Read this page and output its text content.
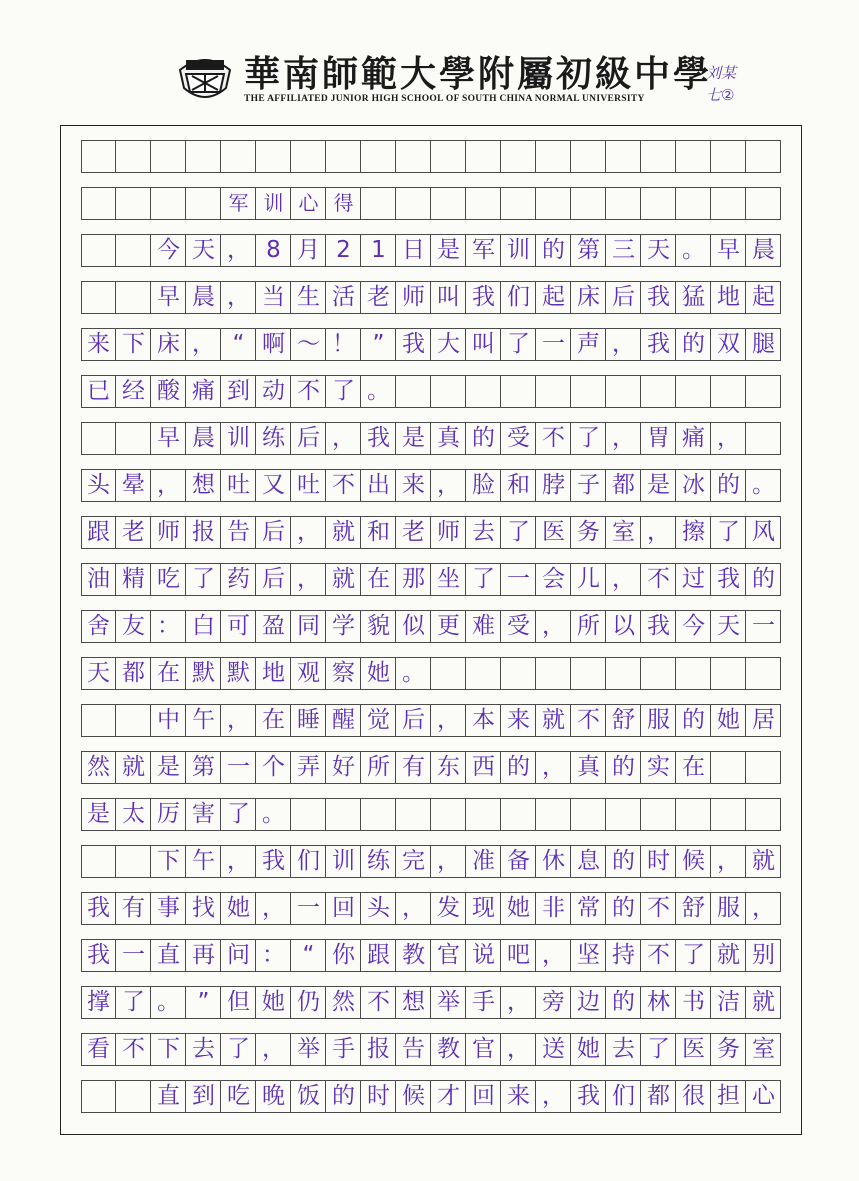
華南師範大學附屬初級中學
THE AFFILIATED JUNIOR HIGH SCHOOL OF SOUTH CHINA NORMAL UNIVERSITY
刘某
七②
军 训 心 得
今 天 ， 8 月 2 1 日 是 军 训 的 第 三 天 。 早 晨
早 晨 ， 当 生 活 老 师 叫 我 们 起 床 后 我 猛 地 起
来 下 床 ， “ 啊 ～ ！ ” 我 大 叫 了 一 声 ， 我 的 双 腿
已 经 酸 痛 到 动 不 了 。
早 晨 训 练 后 ， 我 是 真 的 受 不 了 ， 胃 痛 ，
头 晕 ， 想 吐 又 吐 不 出 来 ， 脸 和 脖 子 都 是 冰 的 。
跟 老 师 报 告 后 ， 就 和 老 师 去 了 医 务 室 ， 擦 了 风
油 精 吃 了 药 后 ， 就 在 那 坐 了 一 会 儿 ， 不 过 我 的
舍 友 ： 白 可 盈 同 学 貌 似 更 难 受 ， 所 以 我 今 天 一
天 都 在 默 默 地 观 察 她 。
中 午 ， 在 睡 醒 觉 后 ， 本 来 就 不 舒 服 的 她 居
然 就 是 第 一 个 弄 好 所 有 东 西 的 ， 真 的 实 在
是 太 厉 害 了 。
下 午 ， 我 们 训 练 完 ， 准 备 休 息 的 时 候 ， 就
我 有 事 找 她 ， 一 回 头 ， 发 现 她 非 常 的 不 舒 服 ，
我 一 直 再 问 ： “ 你 跟 教 官 说 吧 ， 坚 持 不 了 就 别
撑 了 。 ” 但 她 仍 然 不 想 举 手 ， 旁 边 的 林 书 洁 就
看 不 下 去 了 ， 举 手 报 告 教 官 ， 送 她 去 了 医 务 室
直 到 吃 晚 饭 的 时 候 才 回 来 ， 我 们 都 很 担 心
